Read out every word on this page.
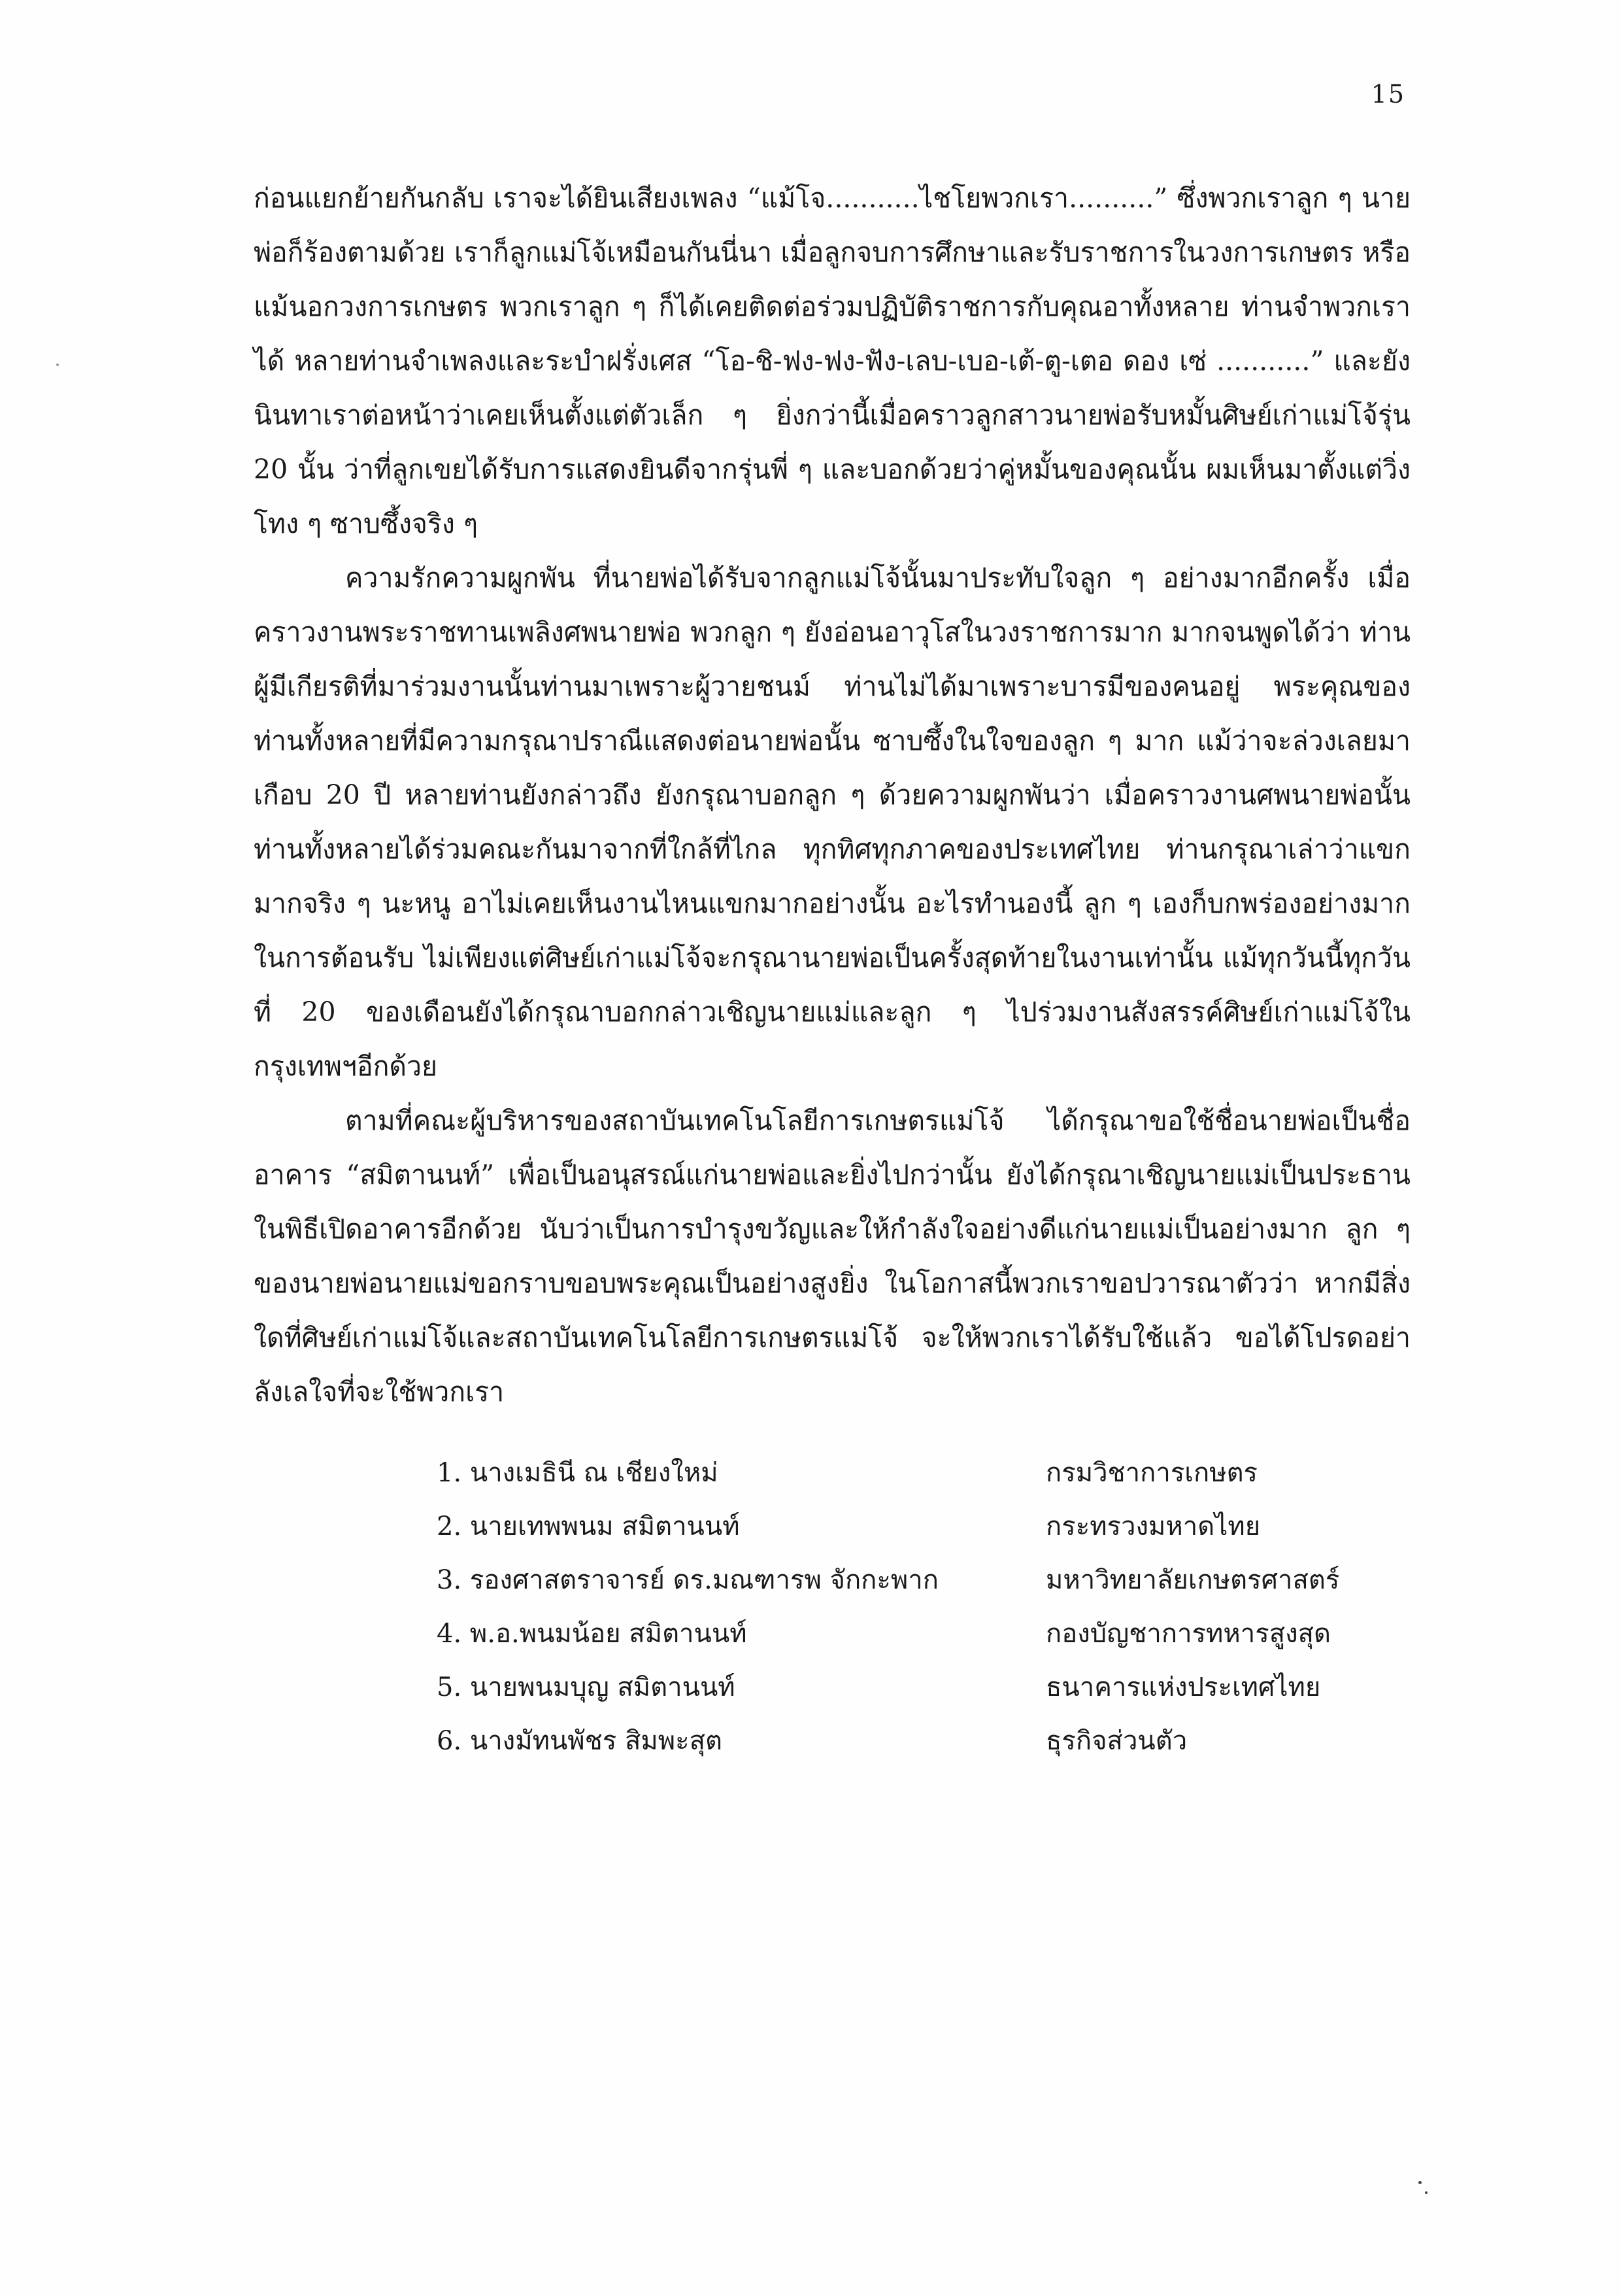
15

ก่อนแยกย้ายกันกลับ เราจะได้ยินเสียงเพลง “แม้โจ...........ไชโยพวกเรา..........” ซึ่งพวกเราลูก ๆ นายพ่อก็ร้องตามด้วย เราก็ลูกแม่โจ้เหมือนกันนี่นา เมื่อลูกจบการศึกษาและรับราชการในวงการเกษตร หรือแม้นอกวงการเกษตร พวกเราลูก ๆ ก็ได้เคยติดต่อร่วมปฏิบัติราชการกับคุณอาทั้งหลาย ท่านจำพวกเราได้ หลายท่านจำเพลงและระบำฝรั่งเศส “โอ-ชิ-ฟง-ฟง-ฟัง-เลบ-เบอ-เต้-ตู-เตอ ดอง เซ่ ...........” และยังนินทาเราต่อหน้าว่าเคยเห็นตั้งแต่ตัวเล็ก ๆ ยิ่งกว่านี้เมื่อคราวลูกสาวนายพ่อรับหมั้นศิษย์เก่าแม่โจ้รุ่น 20 นั้น ว่าที่ลูกเขยได้รับการแสดงยินดีจากรุ่นพี่ ๆ และบอกด้วยว่าคู่หมั้นของคุณนั้น ผมเห็นมาตั้งแต่วิ่งโทง ๆ ซาบซึ้งจริง ๆ

ความรักความผูกพัน ที่นายพ่อได้รับจากลูกแม่โจ้นั้นมาประทับใจลูก ๆ อย่างมากอีกครั้ง เมื่อคราวงานพระราชทานเพลิงศพนายพ่อ พวกลูก ๆ ยังอ่อนอาวุโสในวงราชการมาก มากจนพูดได้ว่า ท่านผู้มีเกียรติที่มาร่วมงานนั้นท่านมาเพราะผู้วายชนม์ ท่านไม่ได้มาเพราะบารมีของคนอยู่ พระคุณของท่านทั้งหลายที่มีความกรุณาปราณีแสดงต่อนายพ่อนั้น ซาบซึ้งในใจของลูก ๆ มาก แม้ว่าจะล่วงเลยมาเกือบ 20 ปี หลายท่านยังกล่าวถึง ยังกรุณาบอกลูก ๆ ด้วยความผูกพันว่า เมื่อคราวงานศพนายพ่อนั้น ท่านทั้งหลายได้ร่วมคณะกันมาจากที่ใกล้ที่ไกล ทุกทิศทุกภาคของประเทศไทย ท่านกรุณาเล่าว่าแขกมากจริง ๆ นะหนู อาไม่เคยเห็นงานไหนแขกมากอย่างนั้น อะไรทำนองนี้ ลูก ๆ เองก็บกพร่องอย่างมากในการต้อนรับ ไม่เพียงแต่ศิษย์เก่าแม่โจ้จะกรุณานายพ่อเป็นครั้งสุดท้ายในงานเท่านั้น แม้ทุกวันนี้ทุกวันที่ 20 ของเดือนยังได้กรุณาบอกกล่าวเชิญนายแม่และลูก ๆ ไปร่วมงานสังสรรค์ศิษย์เก่าแม่โจ้ในกรุงเทพฯอีกด้วย

ตามที่คณะผู้บริหารของสถาบันเทคโนโลยีการเกษตรแม่โจ้ ได้กรุณาขอใช้ชื่อนายพ่อเป็นชื่ออาคาร “สมิตานนท์” เพื่อเป็นอนุสรณ์แก่นายพ่อและยิ่งไปกว่านั้น ยังได้กรุณาเชิญนายแม่เป็นประธานในพิธีเปิดอาคารอีกด้วย นับว่าเป็นการบำรุงขวัญและให้กำลังใจอย่างดีแก่นายแม่เป็นอย่างมาก ลูก ๆ ของนายพ่อนายแม่ขอกราบขอบพระคุณเป็นอย่างสูงยิ่ง ในโอกาสนี้พวกเราขอปวารณาตัวว่า หากมีสิ่งใดที่ศิษย์เก่าแม่โจ้และสถาบันเทคโนโลยีการเกษตรแม่โจ้ จะให้พวกเราได้รับใช้แล้ว ขอได้โปรดอย่าลังเลใจที่จะใช้พวกเรา

1. นางเมธินี ณ เชียงใหม่	กรมวิชาการเกษตร
2. นายเทพพนม สมิตานนท์	กระทรวงมหาดไทย
3. รองศาสตราจารย์ ดร.มณฑารพ จักกะพาก	มหาวิทยาลัยเกษตรศาสตร์
4. พ.อ.พนมน้อย สมิตานนท์	กองบัญชาการทหารสูงสุด
5. นายพนมบุญ สมิตานนท์	ธนาคารแห่งประเทศไทย
6. นางมัทนพัชร สิมพะสุต	ธุรกิจส่วนตัว
